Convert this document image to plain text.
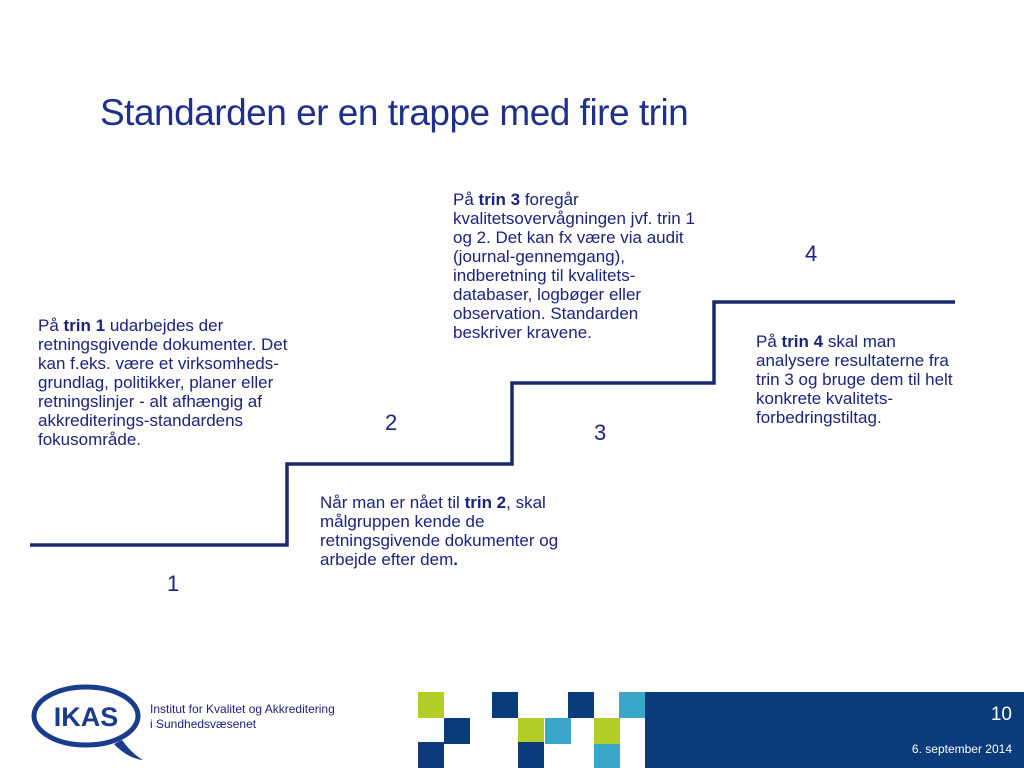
Standarden er en trappe med fire trin
1
2	3
4
På trin 1 udarbejdes der retningsgivende dokumenter. Det kan f.eks. være et virksomheds-grundlag, politikker, planer eller retningslinjer - alt afhængig af akkrediterings-standardens fokusområde.
Når man er nået til trin 2, skal målgruppen kende de retningsgivende dokumenter og arbejde efter dem.
På trin 3 foregår kvalitetsovervågningen jvf. trin 1 og 2. Det kan fx være via audit (journal-gennemgang), indberetning til kvalitets-databaser, logbøger eller observation. Standarden beskriver kravene.	På trin 4 skal man analysere resultaterne fra trin 3 og bruge dem til helt konkrete kvalitets-forbedringstiltag.
IKAS	Institut for Kvalitet og Akkreditering
i Sundhedsvæsenet	10
6. september 2014
